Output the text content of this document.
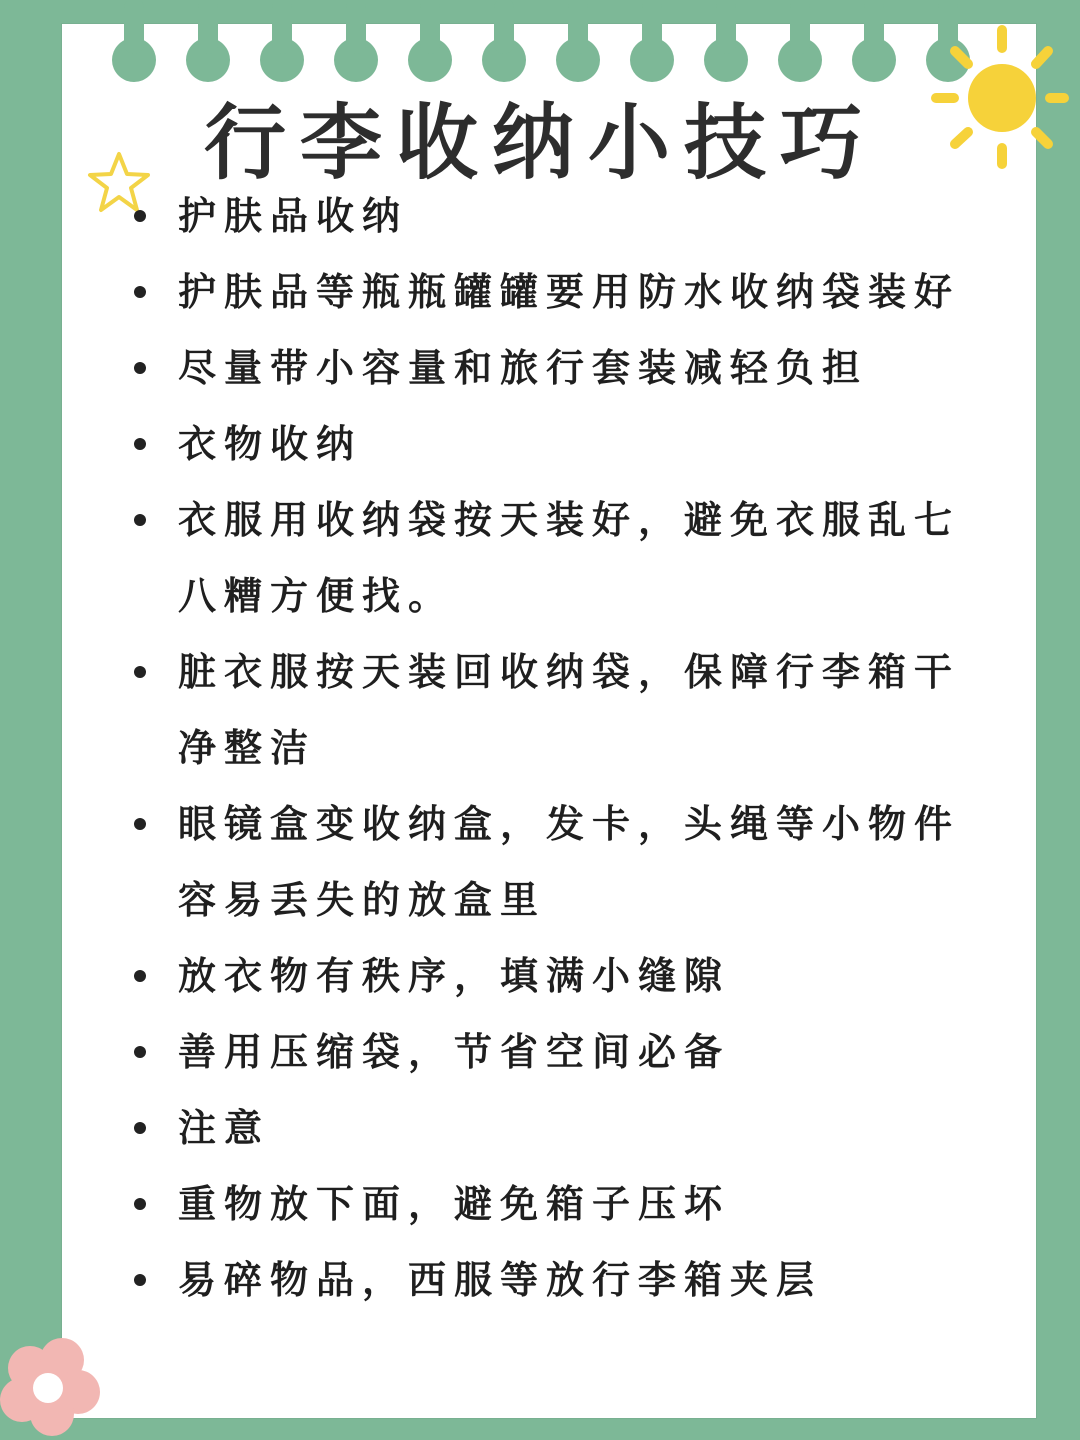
行李收纳小技巧
护肤品收纳
护肤品等瓶瓶罐罐要用防水收纳袋装好
尽量带小容量和旅行套装减轻负担
衣物收纳
衣服用收纳袋按天装好，避免衣服乱七八糟方便找。
脏衣服按天装回收纳袋，保障行李箱干净整洁
眼镜盒变收纳盒，发卡，头绳等小物件容易丢失的放盒里
放衣物有秩序，填满小缝隙
善用压缩袋，节省空间必备
注意
重物放下面，避免箱子压坏
易碎物品，西服等放行李箱夹层
